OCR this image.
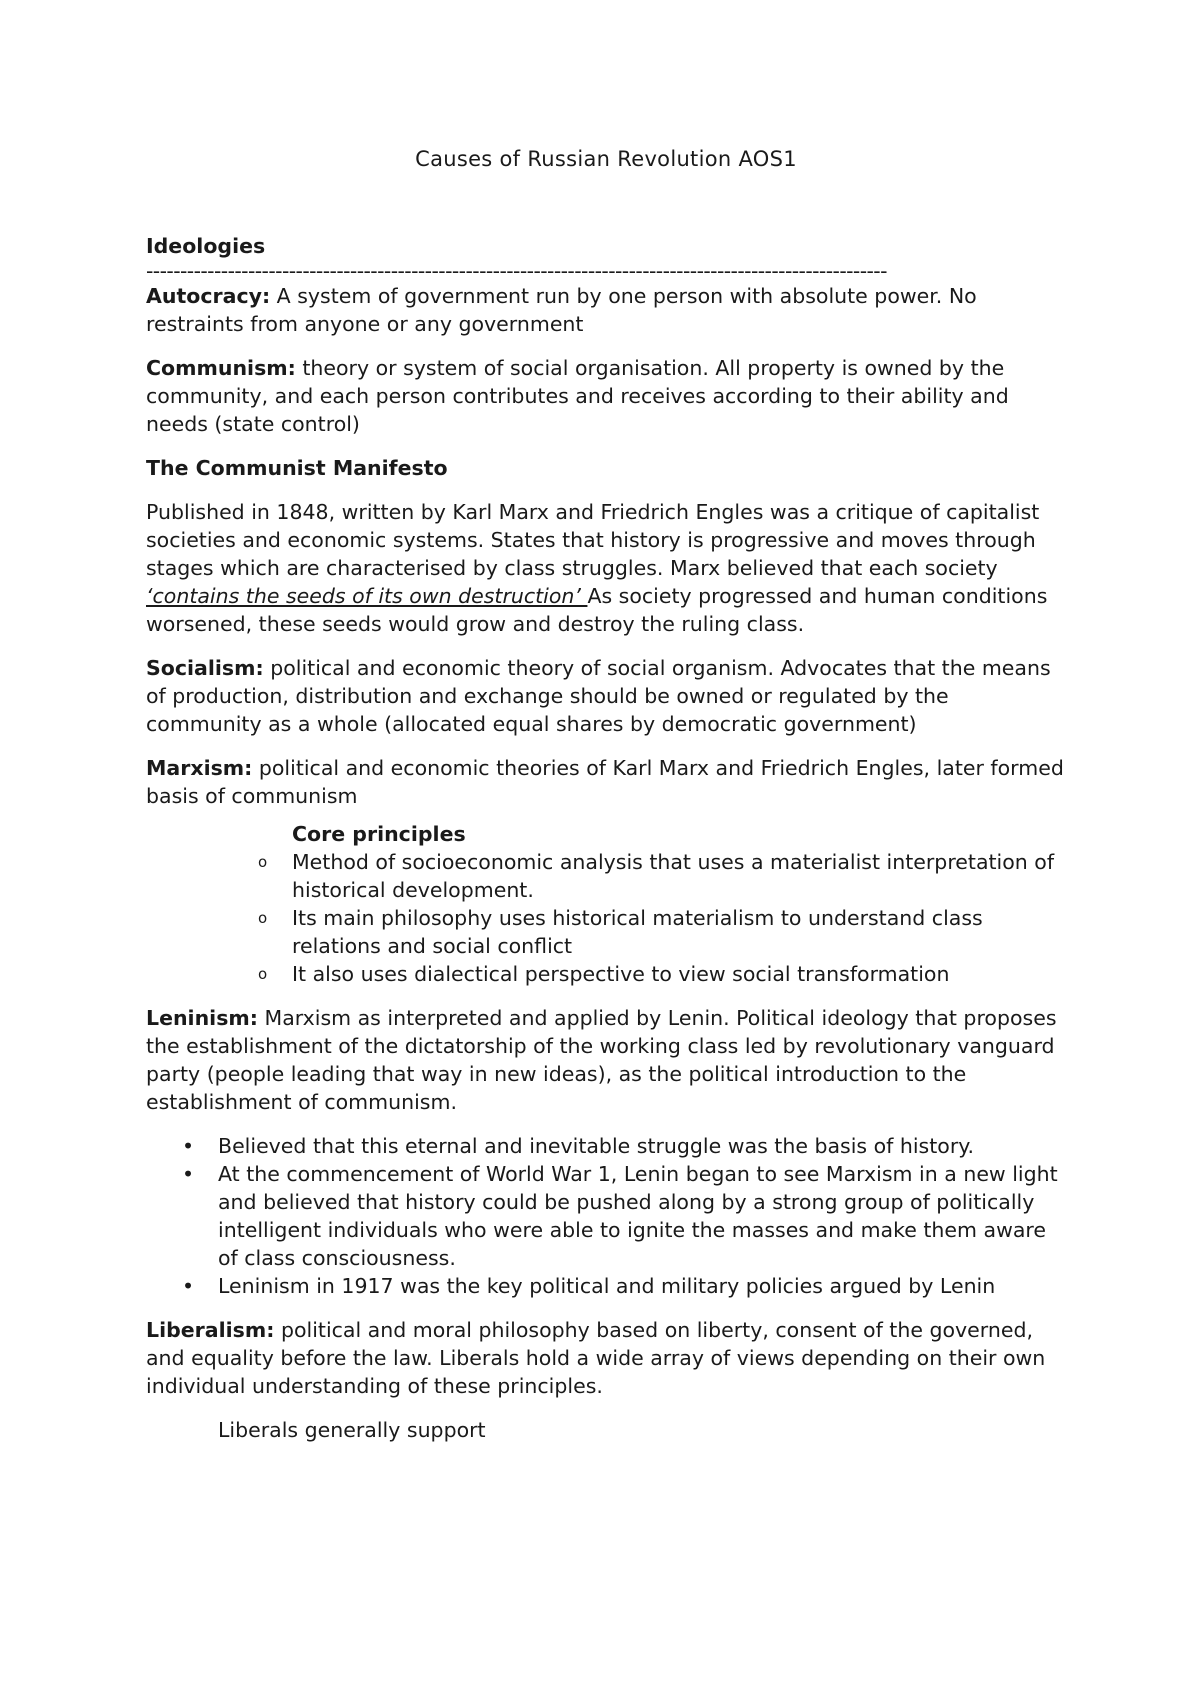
Causes of Russian Revolution AOS1
Ideologies
-------------------------------------------------------------------------------------------------------------

Autocracy: A system of government run by one person with absolute power. No restraints from anyone or any government

Communism: theory or system of social organisation. All property is owned by the community, and each person contributes and receives according to their ability and needs (state control)

The Communist Manifesto

Published in 1848, written by Karl Marx and Friedrich Engles was a critique of capitalist societies and economic systems. States that history is progressive and moves through stages which are characterised by class struggles. Marx believed that each society ‘contains the seeds of its own destruction’ As society progressed and human conditions worsened, these seeds would grow and destroy the ruling class.

Socialism: political and economic theory of social organism. Advocates that the means of production, distribution and exchange should be owned or regulated by the community as a whole (allocated equal shares by democratic government)

Marxism: political and economic theories of Karl Marx and Friedrich Engles, later formed basis of communism

Core principles
o Method of socioeconomic analysis that uses a materialist interpretation of historical development.
o Its main philosophy uses historical materialism to understand class relations and social conflict
o It also uses dialectical perspective to view social transformation

Leninism: Marxism as interpreted and applied by Lenin. Political ideology that proposes the establishment of the dictatorship of the working class led by revolutionary vanguard party (people leading that way in new ideas), as the political introduction to the establishment of communism.

• Believed that this eternal and inevitable struggle was the basis of history.
• At the commencement of World War 1, Lenin began to see Marxism in a new light and believed that history could be pushed along by a strong group of politically intelligent individuals who were able to ignite the masses and make them aware of class consciousness.
• Leninism in 1917 was the key political and military policies argued by Lenin

Liberalism: political and moral philosophy based on liberty, consent of the governed, and equality before the law. Liberals hold a wide array of views depending on their own individual understanding of these principles.

Liberals generally support
